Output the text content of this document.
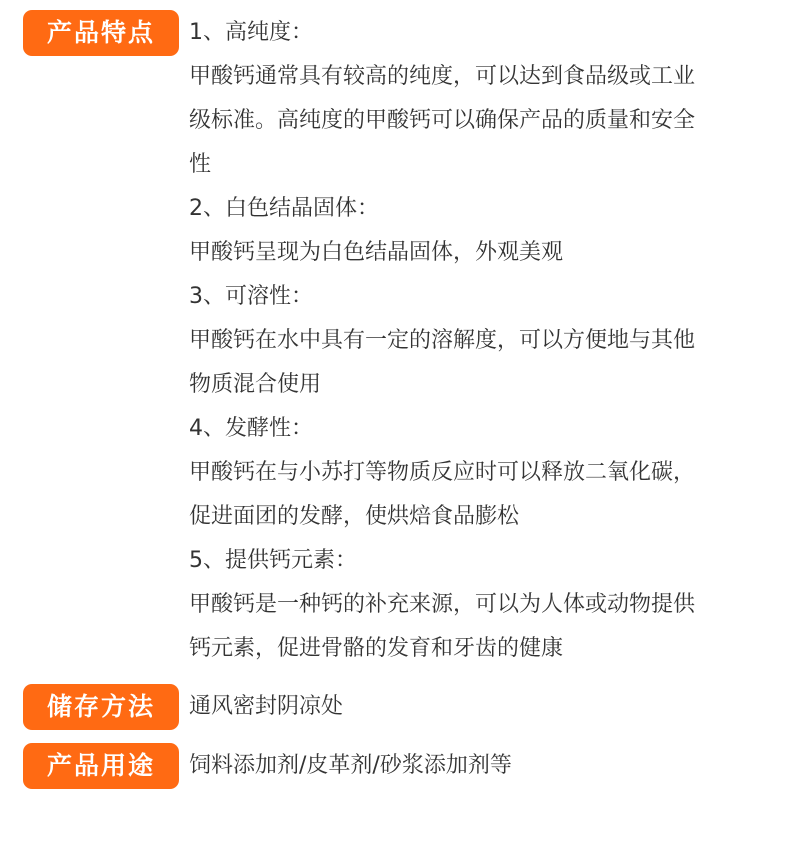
产品特点	1、高纯度：
甲酸钙通常具有较高的纯度，可以达到食品级或工业
级标准。高纯度的甲酸钙可以确保产品的质量和安全
性
2、白色结晶固体：
甲酸钙呈现为白色结晶固体，外观美观
3、可溶性：
甲酸钙在水中具有一定的溶解度，可以方便地与其他
物质混合使用
4、发酵性：
甲酸钙在与小苏打等物质反应时可以释放二氧化碳，
促进面团的发酵，使烘焙食品膨松
5、提供钙元素：
甲酸钙是一种钙的补充来源，可以为人体或动物提供
钙元素，促进骨骼的发育和牙齿的健康
储存方法	通风密封阴凉处
产品用途	饲料添加剂/皮革剂/砂浆添加剂等
